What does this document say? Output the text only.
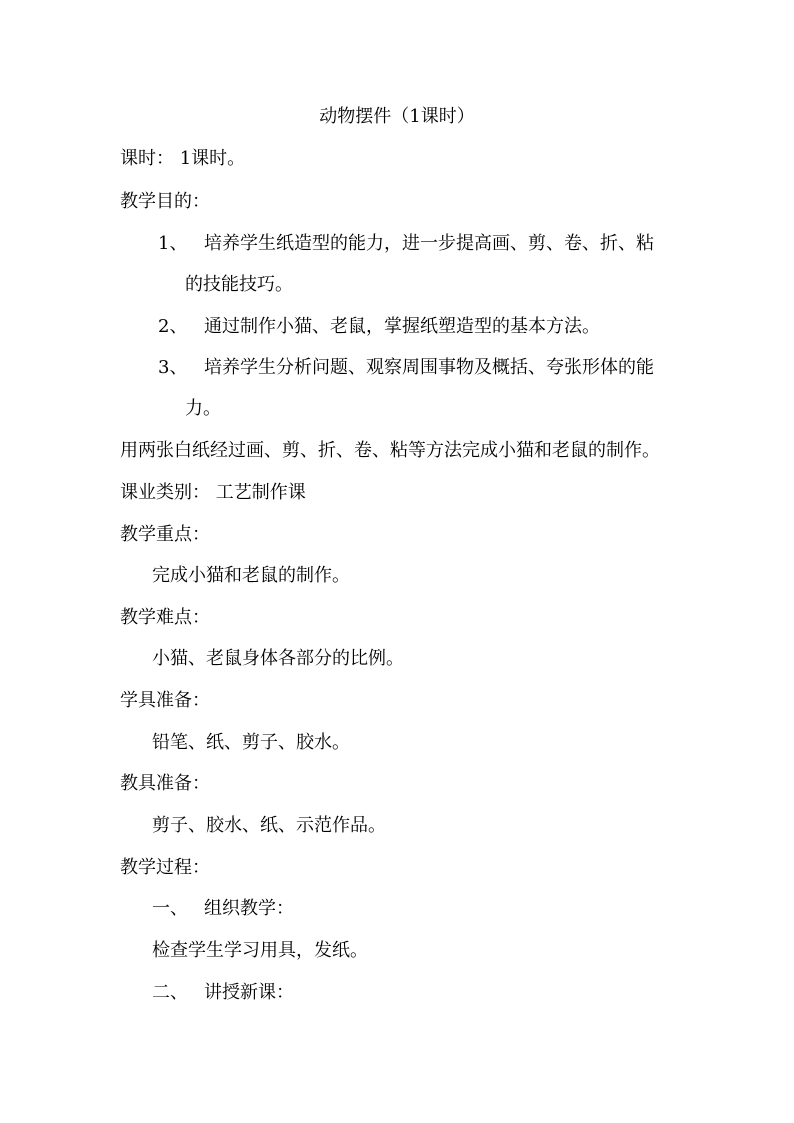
动物摆件（1课时）
课时： 1课时。
教学目的：
1、 培养学生纸造型的能力，进一步提高画、剪、卷、折、粘
的技能技巧。
2、 通过制作小猫、老鼠，掌握纸塑造型的基本方法。
3、 培养学生分析问题、观察周围事物及概括、夸张形体的能
力。
用两张白纸经过画、剪、折、卷、粘等方法完成小猫和老鼠的制作。
课业类别： 工艺制作课
教学重点：
完成小猫和老鼠的制作。
教学难点：
小猫、老鼠身体各部分的比例。
学具准备：
铅笔、纸、剪子、胶水。
教具准备：
剪子、胶水、纸、示范作品。
教学过程：
一、 组织教学：
检查学生学习用具，发纸。
二、 讲授新课：
